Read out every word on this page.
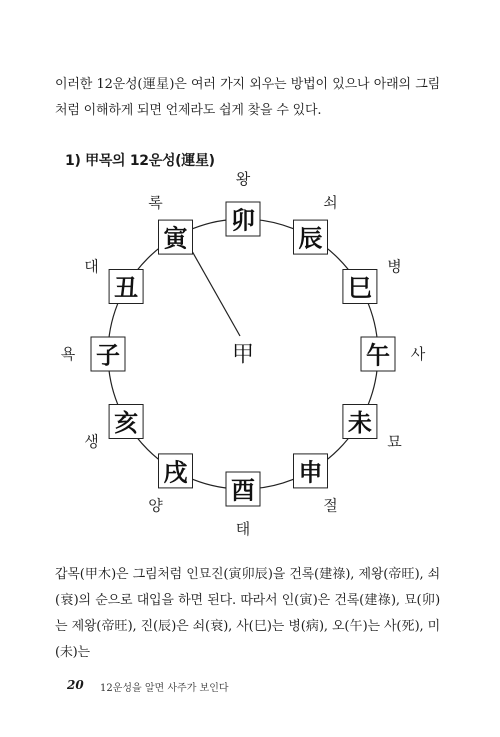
이러한 12운성(運星)은 여러 가지 외우는 방법이 있으나 아래의 그림처럼 이해하게 되면 언제라도 쉽게 찾을 수 있다.

1) 甲목의 12운성(運星)

甲
卯
왕
辰
쇠
巳
병
午 사
未
묘
申
절
酉
태
戌
양
亥
생
子
욕
丑
대
寅
록

갑목(甲木)은 그림처럼 인묘진(寅卯辰)을 건록(建祿), 제왕(帝旺), 쇠(衰)의 순으로 대입을 하면 된다. 따라서 인(寅)은 건록(建祿), 묘(卯)는 제왕(帝旺), 진(辰)은 쇠(衰), 사(巳)는 병(病), 오(午)는 사(死), 미(未)는

20 12운성을 알면 사주가 보인다
